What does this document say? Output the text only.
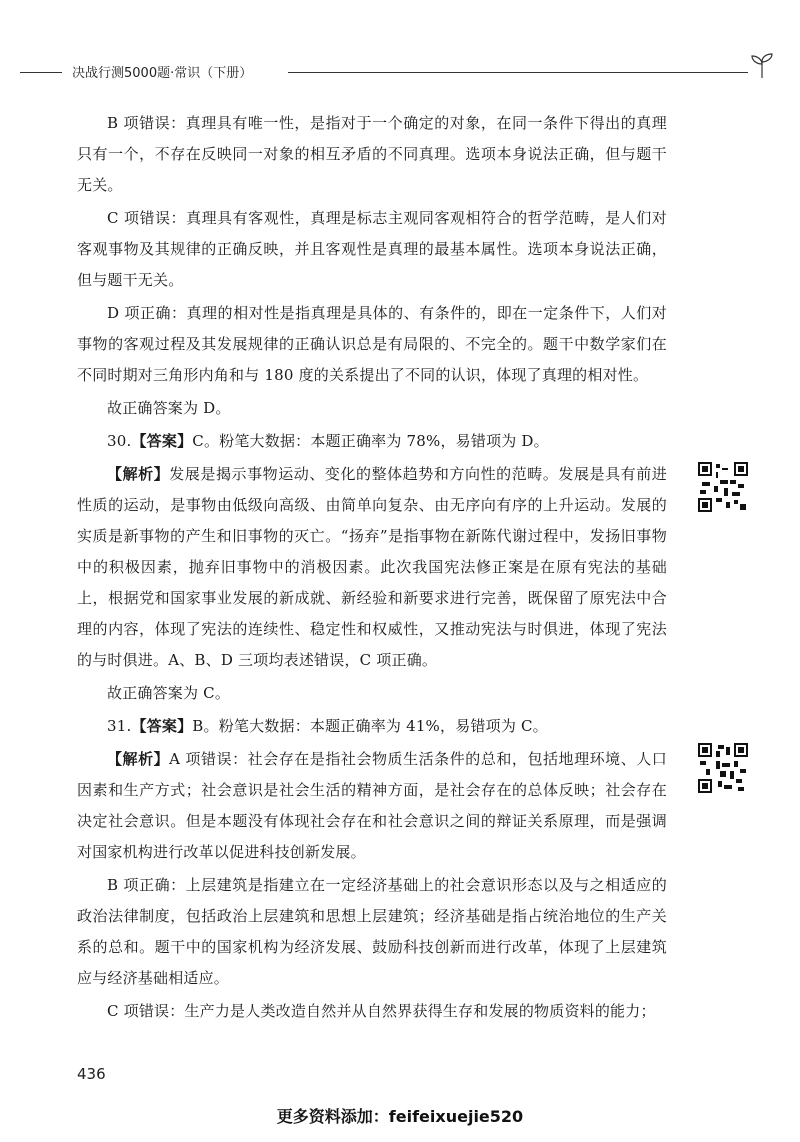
决战行测5000题·常识（下册）

B 项错误：真理具有唯一性，是指对于一个确定的对象，在同一条件下得出的真理只有一个，不存在反映同一对象的相互矛盾的不同真理。选项本身说法正确，但与题干无关。

C 项错误：真理具有客观性，真理是标志主观同客观相符合的哲学范畴，是人们对客观事物及其规律的正确反映，并且客观性是真理的最基本属性。选项本身说法正确，但与题干无关。

D 项正确：真理的相对性是指真理是具体的、有条件的，即在一定条件下，人们对事物的客观过程及其发展规律的正确认识总是有局限的、不完全的。题干中数学家们在不同时期对三角形内角和与 180 度的关系提出了不同的认识，体现了真理的相对性。

故正确答案为 D。

30.【答案】C。粉笔大数据：本题正确率为 78%，易错项为 D。

【解析】发展是揭示事物运动、变化的整体趋势和方向性的范畴。发展是具有前进性质的运动，是事物由低级向高级、由简单向复杂、由无序向有序的上升运动。发展的实质是新事物的产生和旧事物的灭亡。“扬弃”是指事物在新陈代谢过程中，发扬旧事物中的积极因素，抛弃旧事物中的消极因素。此次我国宪法修正案是在原有宪法的基础上，根据党和国家事业发展的新成就、新经验和新要求进行完善，既保留了原宪法中合理的内容，体现了宪法的连续性、稳定性和权威性，又推动宪法与时俱进，体现了宪法的与时俱进。A、B、D 三项均表述错误，C 项正确。

故正确答案为 C。

31.【答案】B。粉笔大数据：本题正确率为 41%，易错项为 C。

【解析】A 项错误：社会存在是指社会物质生活条件的总和，包括地理环境、人口因素和生产方式；社会意识是社会生活的精神方面，是社会存在的总体反映；社会存在决定社会意识。但是本题没有体现社会存在和社会意识之间的辩证关系原理，而是强调对国家机构进行改革以促进科技创新发展。

B 项正确：上层建筑是指建立在一定经济基础上的社会意识形态以及与之相适应的政治法律制度，包括政治上层建筑和思想上层建筑；经济基础是指占统治地位的生产关系的总和。题干中的国家机构为经济发展、鼓励科技创新而进行改革，体现了上层建筑应与经济基础相适应。

C 项错误：生产力是人类改造自然并从自然界获得生存和发展的物质资料的能力；

436
更多资料添加：feifeixuejie520
